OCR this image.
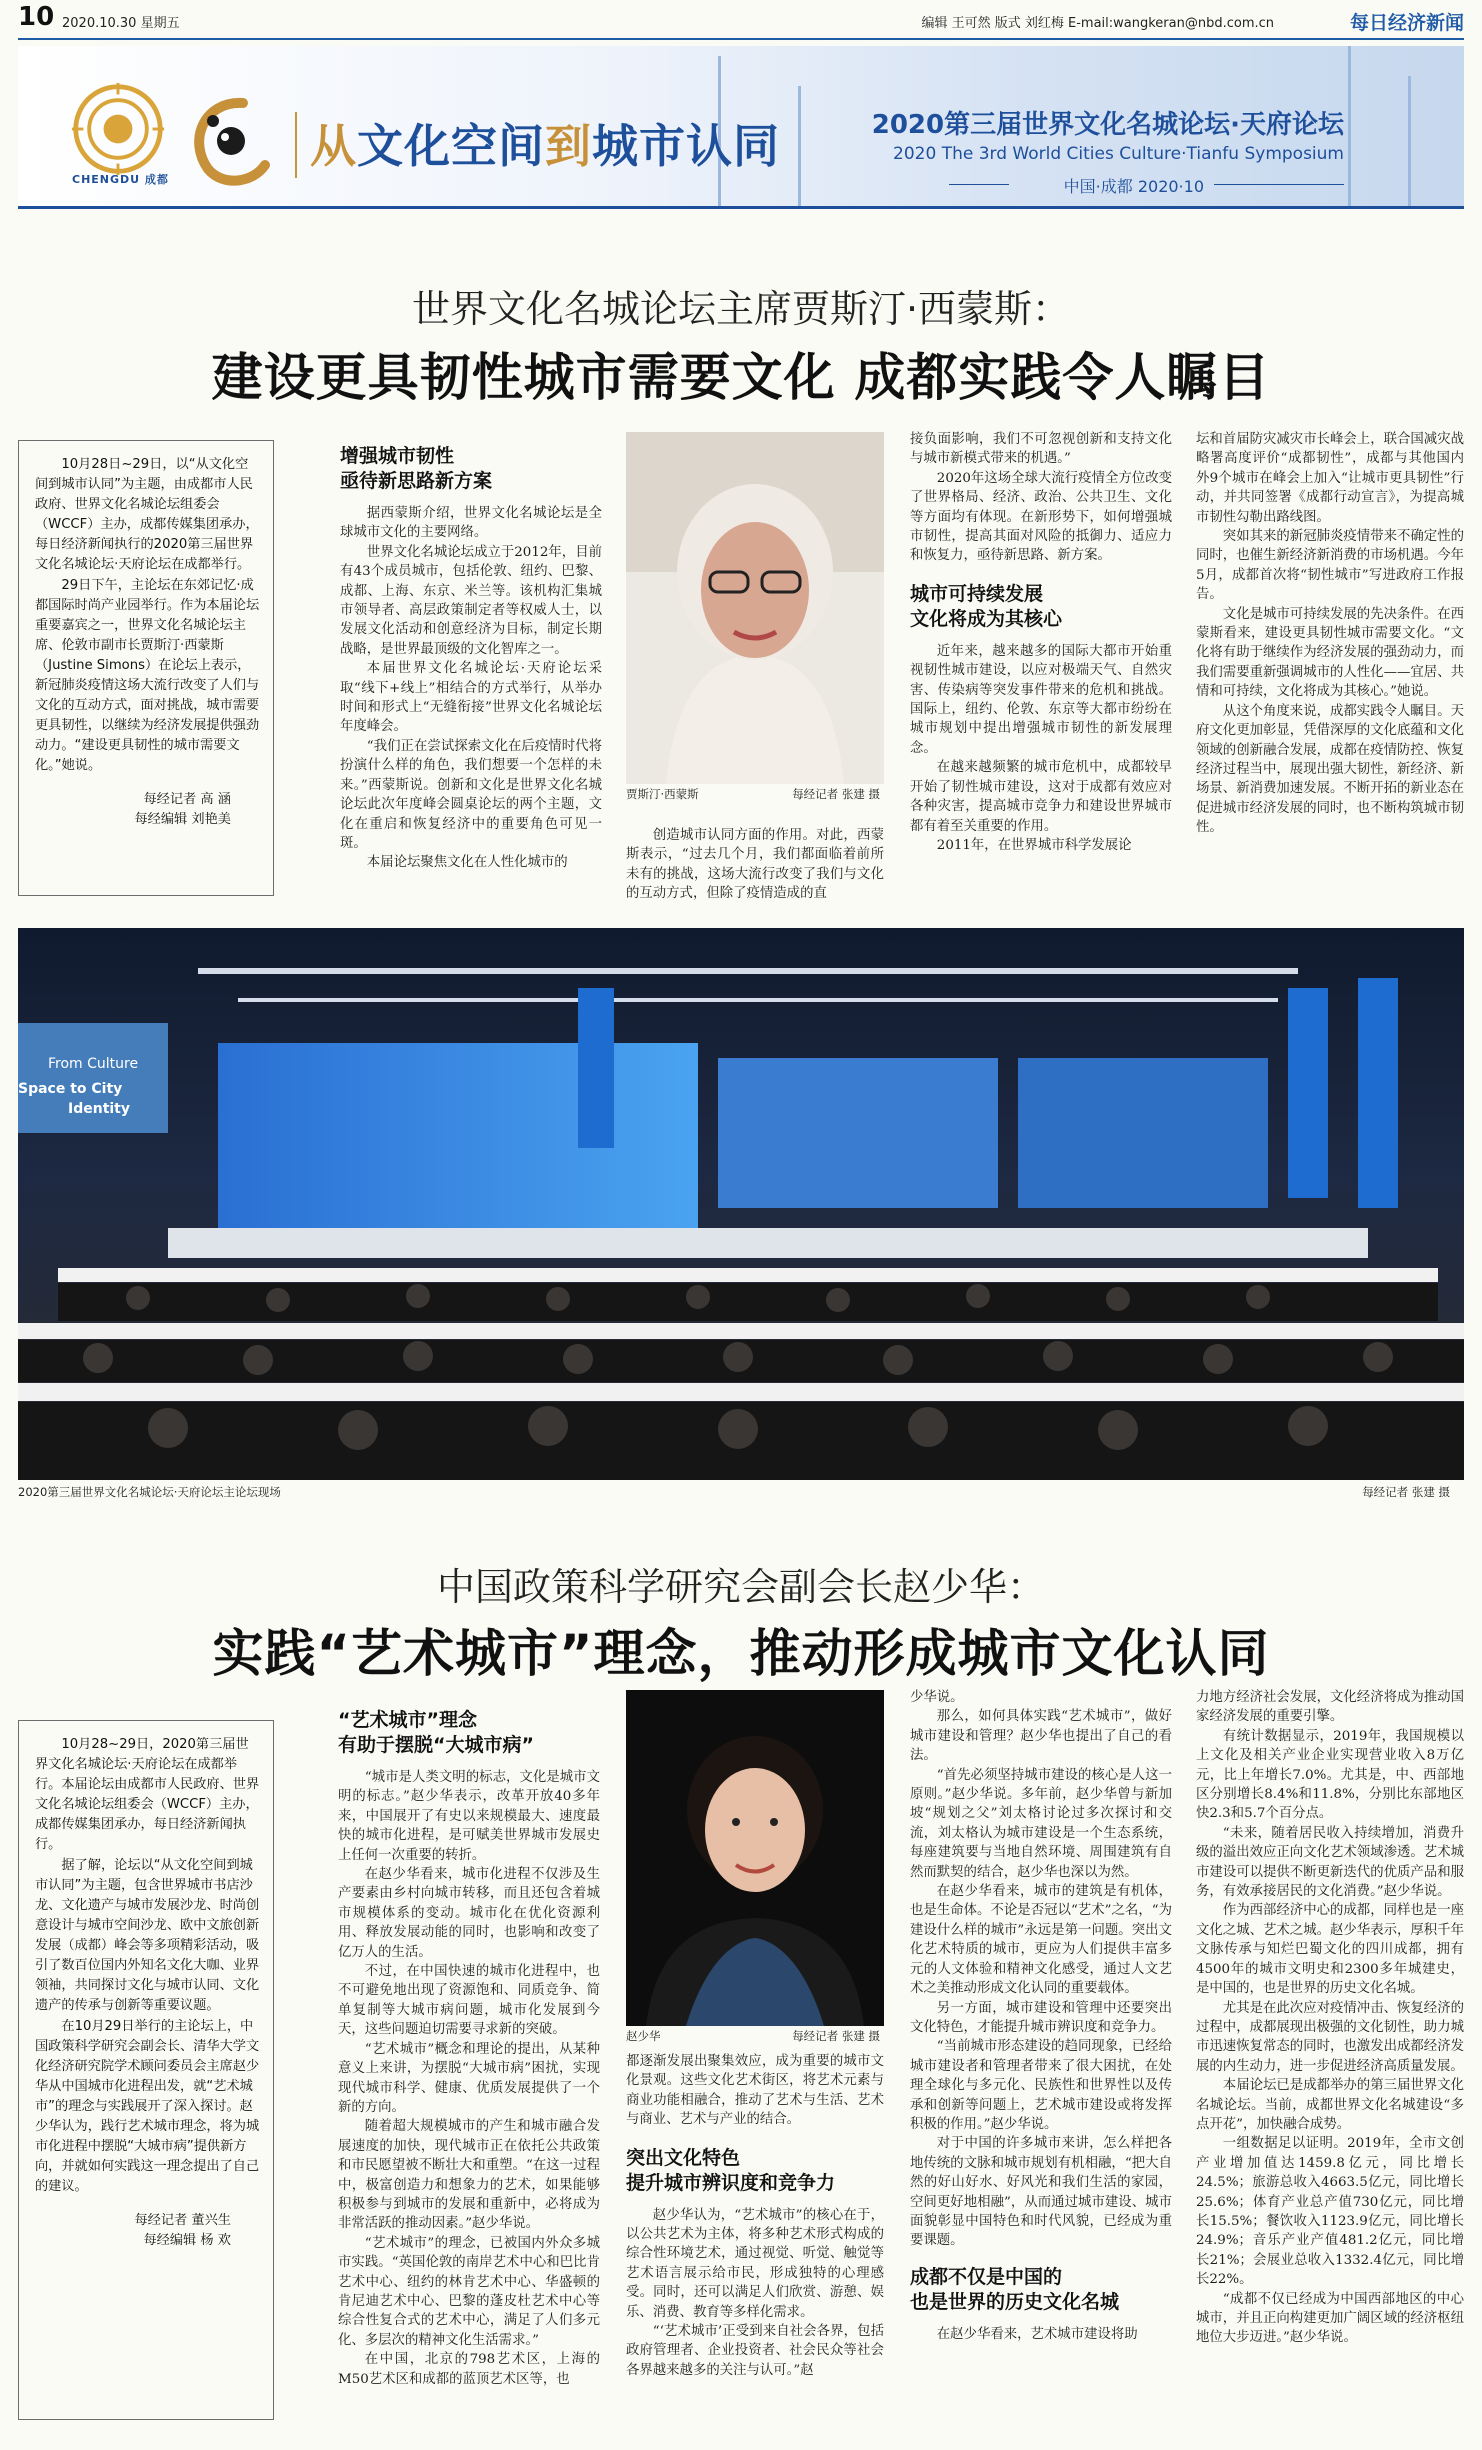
10 2020.10.30 星期五	编辑 王可然 版式 刘红梅 E-mail:wangkeran@nbd.com.cn	每日经济新闻
CHENGDU 成都
从文化空间到城市认同	2020第三届世界文化名城论坛·天府论坛
2020 The 3rd World Cities Culture·Tianfu Symposium
中国·成都 2020·10
世界文化名城论坛主席贾斯汀·西蒙斯：
建设更具韧性城市需要文化 成都实践令人瞩目

10月28日~29日，以“从文化空间到城市认同”为主题，由成都市人民政府、世界文化名城论坛组委会（WCCF）主办，成都传媒集团承办，每日经济新闻执行的2020第三届世界文化名城论坛·天府论坛在成都举行。

29日下午，主论坛在东郊记忆·成都国际时尚产业园举行。作为本届论坛重要嘉宾之一，世界文化名城论坛主席、伦敦市副市长贾斯汀·西蒙斯（Justine Simons）在论坛上表示，新冠肺炎疫情这场大流行改变了人们与文化的互动方式，面对挑战，城市需要更具韧性，以继续为经济发展提供强劲动力。“建设更具韧性的城市需要文化。”她说。

每经记者 高 涵
每经编辑 刘艳美
增强城市韧性
亟待新思路新方案

据西蒙斯介绍，世界文化名城论坛是全球城市文化的主要网络。

世界文化名城论坛成立于2012年，目前有43个成员城市，包括伦敦、纽约、巴黎、成都、上海、东京、米兰等。该机构汇集城市领导者、高层政策制定者等权威人士，以发展文化活动和创意经济为目标，制定长期战略，是世界最顶级的文化智库之一。

本届世界文化名城论坛·天府论坛采取“线下+线上”相结合的方式举行，从举办时间和形式上“无缝衔接”世界文化名城论坛年度峰会。

“我们正在尝试探索文化在后疫情时代将扮演什么样的角色，我们想要一个怎样的未来。”西蒙斯说。创新和文化是世界文化名城论坛此次年度峰会圆桌论坛的两个主题，文化在重启和恢复经济中的重要角色可见一斑。

本届论坛聚焦文化在人性化城市的

贾斯汀·西蒙斯	每经记者 张建 摄

创造城市认同方面的作用。对此，西蒙斯表示，“过去几个月，我们都面临着前所未有的挑战，这场大流行改变了我们与文化的互动方式，但除了疫情造成的直

接负面影响，我们不可忽视创新和支持文化与城市新模式带来的机遇。”

2020年这场全球大流行疫情全方位改变了世界格局、经济、政治、公共卫生、文化等方面均有体现。在新形势下，如何增强城市韧性，提高其面对风险的抵御力、适应力和恢复力，亟待新思路、新方案。

城市可持续发展
文化将成为其核心

近年来，越来越多的国际大都市开始重视韧性城市建设，以应对极端天气、自然灾害、传染病等突发事件带来的危机和挑战。国际上，纽约、伦敦、东京等大都市纷纷在城市规划中提出增强城市韧性的新发展理念。

在越来越频繁的城市危机中，成都较早开始了韧性城市建设，这对于成都有效应对各种灾害，提高城市竞争力和建设世界城市都有着至关重要的作用。

2011年，在世界城市科学发展论

坛和首届防灾减灾市长峰会上，联合国减灾战略署高度评价“成都韧性”，成都与其他国内外9个城市在峰会上加入“让城市更具韧性”行动，并共同签署《成都行动宣言》，为提高城市韧性勾勒出路线图。

突如其来的新冠肺炎疫情带来不确定性的同时，也催生新经济新消费的市场机遇。今年5月，成都首次将“韧性城市”写进政府工作报告。

文化是城市可持续发展的先决条件。在西蒙斯看来，建设更具韧性城市需要文化。“文化将有助于继续作为经济发展的强劲动力，而我们需要重新强调城市的人性化——宜居、共情和可持续，文化将成为其核心。”她说。

从这个角度来说，成都实践令人瞩目。天府文化更加彰显，凭借深厚的文化底蕴和文化领域的创新融合发展，成都在疫情防控、恢复经济过程当中，展现出强大韧性，新经济、新场景、新消费加速发展。不断开拓的新业态在促进城市经济发展的同时，也不断构筑城市韧性。

From Culture
Space to City
Identity
2020第三届世界文化名城论坛·天府论坛主论坛现场	每经记者 张建 摄
中国政策科学研究会副会长赵少华：
实践“艺术城市”理念，推动形成城市文化认同

10月28~29日，2020第三届世界文化名城论坛·天府论坛在成都举行。本届论坛由成都市人民政府、世界文化名城论坛组委会（WCCF）主办，成都传媒集团承办，每日经济新闻执行。

据了解，论坛以“从文化空间到城市认同”为主题，包含世界城市书店沙龙、文化遗产与城市发展沙龙、时尚创意设计与城市空间沙龙、欧中文旅创新发展（成都）峰会等多项精彩活动，吸引了数百位国内外知名文化大咖、业界领袖，共同探讨文化与城市认同、文化遗产的传承与创新等重要议题。

在10月29日举行的主论坛上，中国政策科学研究会副会长、清华大学文化经济研究院学术顾问委员会主席赵少华从中国城市化进程出发，就“艺术城市”的理念与实践展开了深入探讨。赵少华认为，践行艺术城市理念，将为城市化进程中摆脱“大城市病”提供新方向，并就如何实践这一理念提出了自己的建议。

每经记者 董兴生
每经编辑 杨 欢
“艺术城市”理念
有助于摆脱“大城市病”

“城市是人类文明的标志，文化是城市文明的标志。”赵少华表示，改革开放40多年来，中国展开了有史以来规模最大、速度最快的城市化进程，是可赋美世界城市发展史上任何一次重要的转折。

在赵少华看来，城市化进程不仅涉及生产要素由乡村向城市转移，而且还包含着城市规模体系的变动。城市化在优化资源利用、释放发展动能的同时，也影响和改变了亿万人的生活。

不过，在中国快速的城市化进程中，也不可避免地出现了资源饱和、同质竞争、简单复制等大城市病问题，城市化发展到今天，这些问题迫切需要寻求新的突破。

“艺术城市”概念和理论的提出，从某种意义上来讲，为摆脱“大城市病”困扰，实现现代城市科学、健康、优质发展提供了一个新的方向。

随着超大规模城市的产生和城市融合发展速度的加快，现代城市正在依托公共政策和市民愿望被不断壮大和重塑。“在这一过程中，极富创造力和想象力的艺术，如果能够积极参与到城市的发展和重新中，必将成为非常活跃的推动因素。”赵少华说。

“艺术城市”的理念，已被国内外众多城市实践。“英国伦敦的南岸艺术中心和巴比肯艺术中心、纽约的林肯艺术中心、华盛顿的肯尼迪艺术中心、巴黎的蓬皮杜艺术中心等综合性复合式的艺术中心，满足了人们多元化、多层次的精神文化生活需求。”

在中国，北京的798艺术区，上海的M50艺术区和成都的蓝顶艺术区等，也

赵少华	每经记者 张建 摄

都逐渐发展出聚集效应，成为重要的城市文化景观。这些文化艺术街区，将艺术元素与商业功能相融合，推动了艺术与生活、艺术与商业、艺术与产业的结合。

突出文化特色
提升城市辨识度和竞争力

赵少华认为，“艺术城市”的核心在于，以公共艺术为主体，将多种艺术形式构成的综合性环境艺术，通过视觉、听觉、触觉等艺术语言展示给市民，形成独特的心理感受。同时，还可以满足人们欣赏、游憩、娱乐、消费、教育等多样化需求。

“‘艺术城市’正受到来自社会各界，包括政府管理者、企业投资者、社会民众等社会各界越来越多的关注与认可。”赵

少华说。

那么，如何具体实践“艺术城市”，做好城市建设和管理？赵少华也提出了自己的看法。

“首先必须坚持城市建设的核心是人这一原则。”赵少华说。多年前，赵少华曾与新加坡“规划之父”刘太格讨论过多次探讨和交流，刘太格认为城市建设是一个生态系统，每座建筑要与当地自然环境、周围建筑有自然而默契的结合，赵少华也深以为然。

在赵少华看来，城市的建筑是有机体，也是生命体。不论是否冠以“艺术”之名，“为建设什么样的城市”永远是第一问题。突出文化艺术特质的城市，更应为人们提供丰富多元的人文体验和精神文化感受，通过人文艺术之美推动形成文化认同的重要载体。

另一方面，城市建设和管理中还要突出文化特色，才能提升城市辨识度和竞争力。

“当前城市形态建设的趋同现象，已经给城市建设者和管理者带来了很大困扰，在处理全球化与多元化、民族性和世界性以及传承和创新等问题上，艺术城市建设或将发挥积极的作用。”赵少华说。

对于中国的许多城市来讲，怎么样把各地传统的文脉和城市规划有机相融，“把大自然的好山好水、好风光和我们生活的家园，空间更好地相融”，从而通过城市建设、城市面貌彰显中国特色和时代风貌，已经成为重要课题。

成都不仅是中国的
也是世界的历史文化名城

在赵少华看来，艺术城市建设将助

力地方经济社会发展，文化经济将成为推动国家经济发展的重要引擎。

有统计数据显示，2019年，我国规模以上文化及相关产业企业实现营业收入8万亿元，比上年增长7.0%。尤其是，中、西部地区分别增长8.4%和11.8%，分别比东部地区快2.3和5.7个百分点。

“未来，随着居民收入持续增加，消费升级的溢出效应正向文化艺术领域渗透。艺术城市建设可以提供不断更新迭代的优质产品和服务，有效承接居民的文化消费。”赵少华说。

作为西部经济中心的成都，同样也是一座文化之城、艺术之城。赵少华表示，厚积千年文脉传承与知烂巴蜀文化的四川成都，拥有4500年的城市文明史和2300多年城建史，是中国的，也是世界的历史文化名城。

尤其是在此次应对疫情冲击、恢复经济的过程中，成都展现出极强的文化韧性，助力城市迅速恢复常态的同时，也激发出成都经济发展的内生动力，进一步促进经济高质量发展。

本届论坛已是成都举办的第三届世界文化名城论坛。当前，成都世界文化名城建设“多点开花”，加快融合成势。

一组数据足以证明。2019年，全市文创产业增加值达1459.8亿元，同比增长24.5%；旅游总收入4663.5亿元，同比增长25.6%；体育产业总产值730亿元，同比增长15.5%；餐饮收入1123.9亿元，同比增长24.9%；音乐产业产值481.2亿元，同比增长21%；会展业总收入1332.4亿元，同比增长22%。

“成都不仅已经成为中国西部地区的中心城市，并且正向构建更加广阔区域的经济枢纽地位大步迈进。”赵少华说。
